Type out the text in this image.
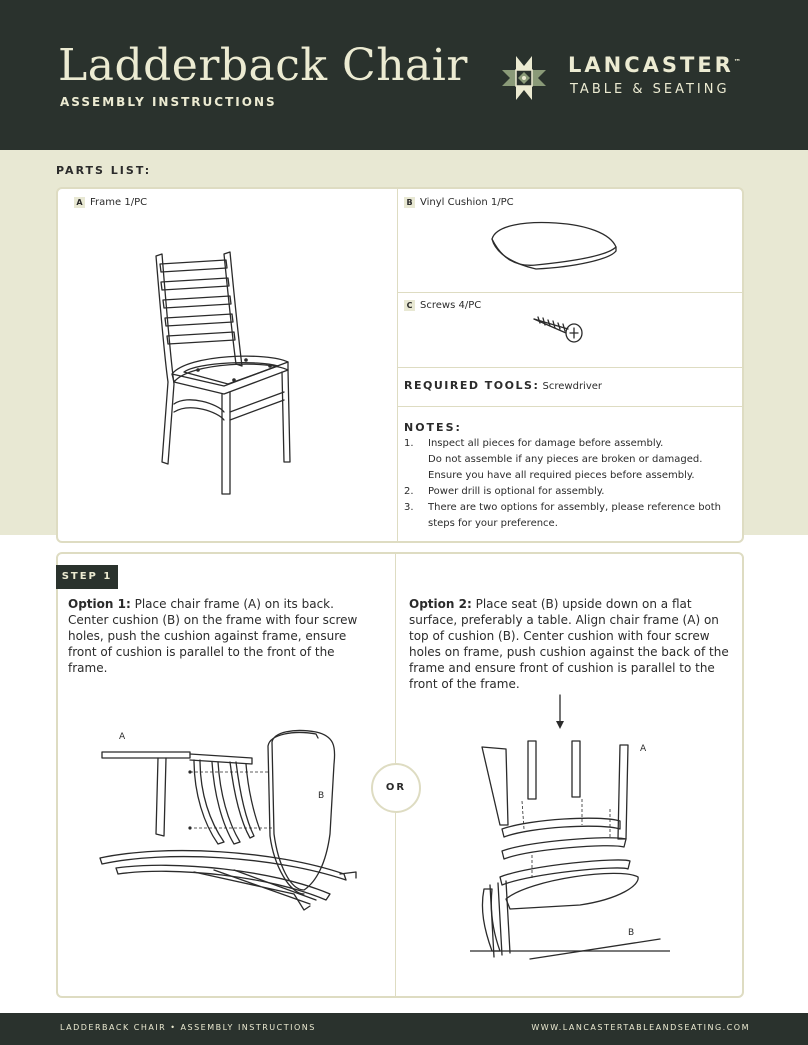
Ladderback Chair
ASSEMBLY INSTRUCTIONS
LANCASTER™
TABLE & SEATING
PARTS LIST:
A Frame 1/PC	B Vinyl Cushion 1/PC
C Screws 4/PC
REQUIRED TOOLS: Screwdriver
NOTES:
1.	Inspect all pieces for damage before assembly.
Do not assemble if any pieces are broken or damaged.
Ensure you have all required pieces before assembly.
2.	Power drill is optional for assembly.
3.	There are two options for assembly, please reference both
steps for your preference.
STEP 1
Option 1: Place chair frame (A) on its back. Center cushion (B) on the frame with four screw holes, push the cushion against frame, ensure front of cushion is parallel to the front of the frame.
Option 2: Place seat (B) upside down on a flat surface, preferably a table. Align chair frame (A) on top of cushion (B). Center cushion with four screw holes on frame, push cushion against the back of the frame and ensure front of cushion is parallel to the front of the frame.
A
B
OR
A
B
LADDERBACK CHAIR • ASSEMBLY INSTRUCTIONS	WWW.LANCASTERTABLEANDSEATING.COM
